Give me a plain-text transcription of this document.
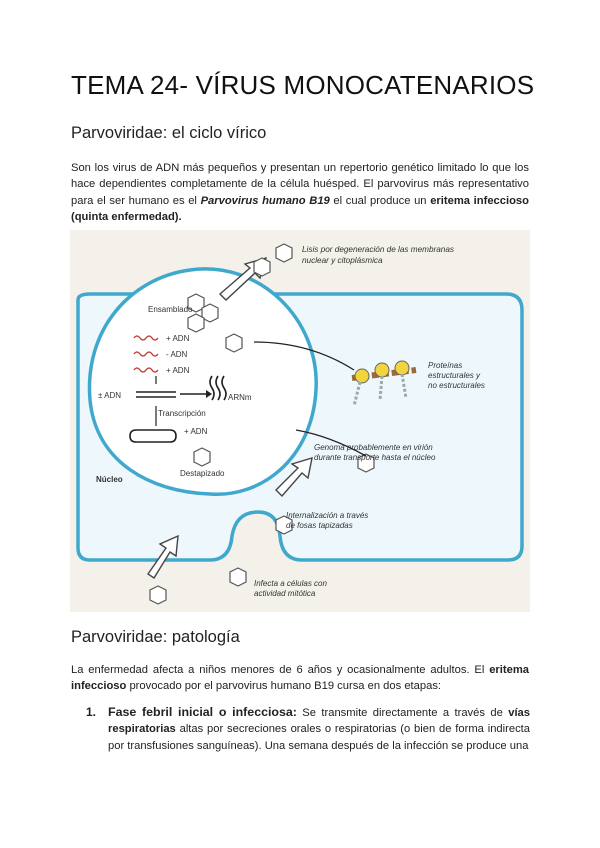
TEMA 24- VÍRUS MONOCATENARIOS
Parvoviridae: el ciclo vírico
Son los virus de ADN más pequeños y presentan un repertorio genético limitado lo que los hace dependientes completamente de la célula huésped. El parvovirus más representativo para el ser humano es el Parvovirus humano B19 el cual produce un eritema infeccioso (quinta enfermedad).
Lisis por degeneración de las membranas
nuclear y citoplásmica
Ensamblado
+ ADN
- ADN
+ ADN
± ADN	ARNm
Transcripción
+ ADN
Destapizado
Núcleo
Proteínas
estructurales y
no estructurales
Genoma probablemente en virión
durante transporte hasta el núcleo
Internalización a través
de fosas tapizadas
Infecta a células con
actividad mitótica
Parvoviridae: patología
La enfermedad afecta a niños menores de 6 años y ocasionalmente adultos. El eritema infeccioso provocado por el parvovirus humano B19 cursa en dos etapas:
1. Fase febril inicial o infecciosa: Se transmite directamente a través de vías respiratorias altas por secreciones orales o respiratorias (o bien de forma indirecta por transfusiones sanguíneas). Una semana después de la infección se produce una
